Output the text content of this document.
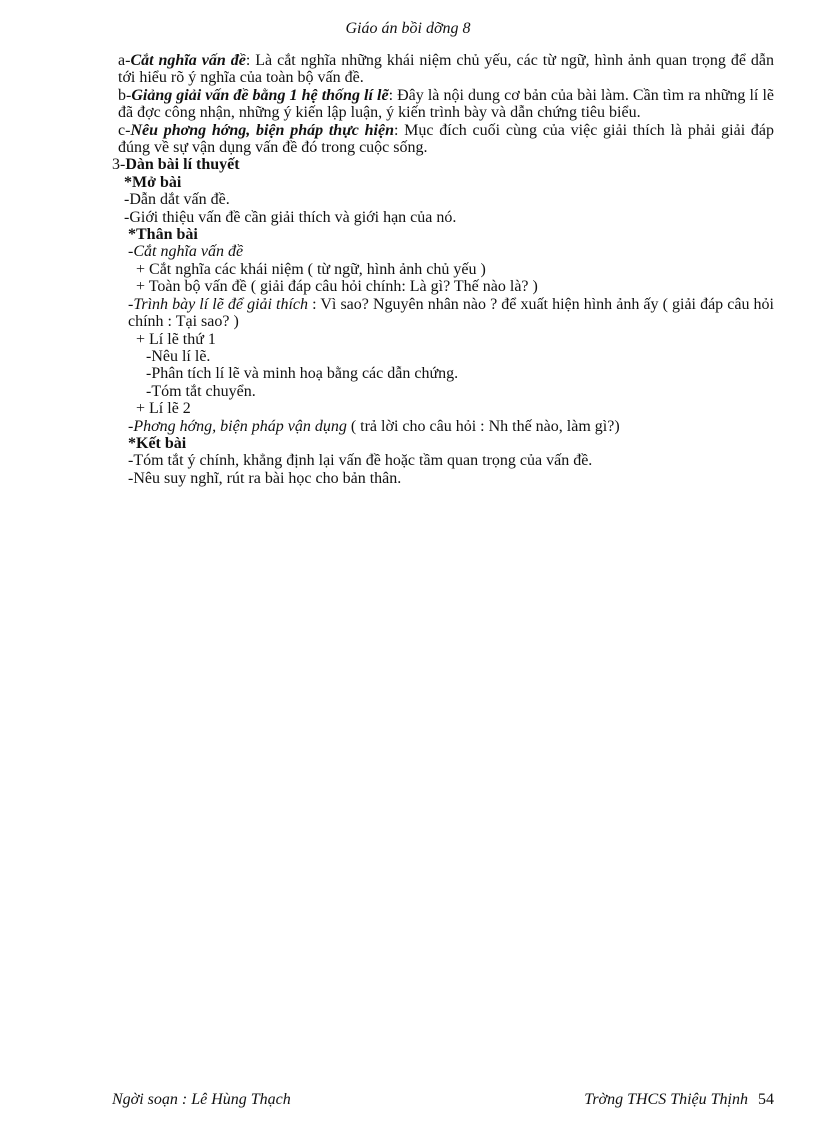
Giáo án bồi dỡng 8

a-Cắt nghĩa vấn đề: Là cắt nghĩa những khái niệm chủ yếu, các từ ngữ, hình ảnh quan trọng để dẫn tới hiểu rõ ý nghĩa của toàn bộ vấn đề.

b-Giảng giải vấn đề bằng 1 hệ thống lí lẽ: Đây là nội dung cơ bản của bài làm. Cần tìm ra những lí lẽ đã đợc công nhận, những ý kiến lập luận, ý kiến trình bày và dẫn chứng tiêu biểu.

c-Nêu phơng hớng, biện pháp thực hiện: Mục đích cuối cùng của việc giải thích là phải giải đáp đúng về sự vận dụng vấn đề đó trong cuộc sống.

3-Dàn bài lí thuyết

*Mở bài

-Dẫn dắt vấn đề.

-Giới thiệu vấn đề cần giải thích và giới hạn của nó.

*Thân bài

-Cắt nghĩa vấn đề

+ Cắt nghĩa các khái niệm ( từ ngữ, hình ảnh chủ yếu )

+ Toàn bộ vấn đề ( giải đáp câu hỏi chính: Là gì? Thế nào là? )

-Trình bày lí lẽ để giải thích : Vì sao? Nguyên nhân nào ? để xuất hiện hình ảnh ấy ( giải đáp câu hỏi chính : Tại sao? )

+ Lí lẽ thứ 1

-Nêu lí lẽ.

-Phân tích lí lẽ và minh hoạ bằng các dẫn chứng.

-Tóm tắt chuyển.

+ Lí lẽ 2

-Phơng hớng, biện pháp vận dụng ( trả lời cho câu hỏi : Nh thế nào, làm gì?)

*Kết bài

-Tóm tắt ý chính, khẳng định lại vấn đề hoặc tầm quan trọng của vấn đề.

-Nêu suy nghĩ, rút ra bài học cho bản thân.

Ngời soạn : Lê Hùng Thạch	Trờng THCS Thiệu Thịnh 54
